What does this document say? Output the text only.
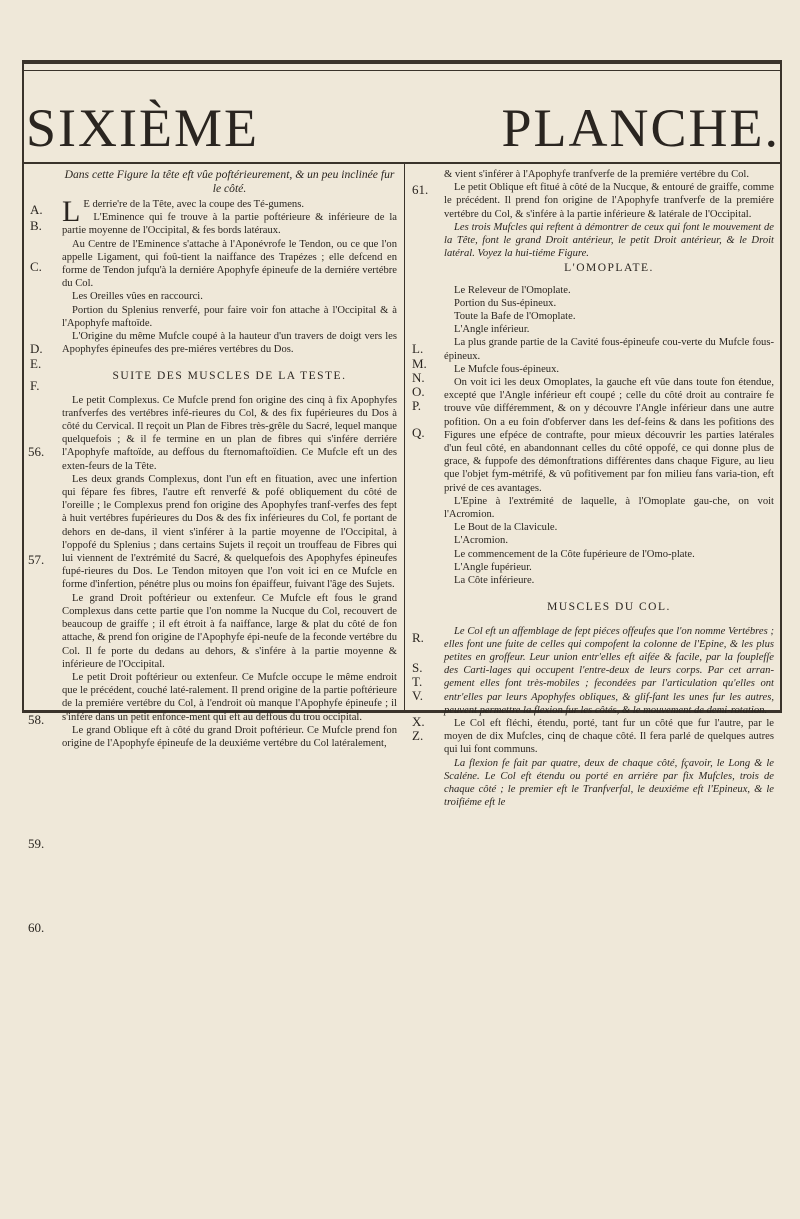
SIXIÈME PLANCHE.
A.
B.
C.
D.
E.
F.
56.
57.
58.
59.
60.

Dans cette Figure la tête eft vûe poftérieurement, & un peu inclinée fur le côté.

L E derrie're de la Tête, avec la coupe des Té-gumens.

L'Eminence qui fe trouve à la partie poftérieure & inférieure de la partie moyenne de l'Occipital, & fes bords latéraux.

Au Centre de l'Eminence s'attache à l'Aponévrofe le Tendon, ou ce que l'on appelle Ligament, qui foû-tient la naiffance des Trapézes ; elle defcend en forme de Tendon jufqu'à la derniére Apophyfe épineufe de la derniére vertébre du Col.

Les Oreilles vûes en raccourci.

Portion du Splenius renverfé, pour faire voir fon attache à l'Occipital & à l'Apophyfe maftoïde.

L'Origine du même Mufcle coupé à la hauteur d'un travers de doigt vers les Apophyfes épineufes des pre-miéres vertébres du Dos.

SUITE DES MUSCLES DE LA TESTE.

Le petit Complexus. Ce Mufcle prend fon origine des cinq à fix Apophyfes tranfverfes des vertébres infé-rieures du Col, & des fix fupérieures du Dos à côté du Cervical. Il reçoit un Plan de Fibres très-grêle du Sacré, lequel manque quelquefois ; & il fe termine en un plan de fibres qui s'infére derriére l'Apophyfe maftoïde, au deffous du fternomaftoïdien. Ce Mufcle eft un des exten-feurs de la Tête.

Les deux grands Complexus, dont l'un eft en fituation, avec une infertion qui fépare fes fibres, l'autre eft renverfé & pofé obliquement du côté de l'oreille ; le Complexus prend fon origine des Apophyfes tranf-verfes des fept à huit vertébres fupérieures du Dos & des fix inférieures du Col, fe portant de dehors en de-dans, il vient s'inférer à la partie moyenne de l'Occipital, à l'oppofé du Splenius ; dans certains Sujets il reçoit un trouffeau de Fibres qui lui viennent de l'extrémité du Sacré, & quelquefois des Apophyfes épineufes fupé-rieures du Dos. Le Tendon mitoyen que l'on voit ici en ce Mufcle en forme d'infertion, pénétre plus ou moins fon épaiffeur, fuivant l'âge des Sujets.

Le grand Droit poftérieur ou extenfeur. Ce Mufcle eft fous le grand Complexus dans cette partie que l'on nomme la Nucque du Col, recouvert de beaucoup de graiffe ; il eft étroit à fa naiffance, large & plat du côté de fon attache, & prend fon origine de l'Apophyfe épi-neufe de la feconde vertébre du Col. Il fe porte du dedans au dehors, & s'infére à la partie moyenne & inférieure de l'Occipital.

Le petit Droit poftérieur ou extenfeur. Ce Mufcle occupe le même endroit que le précédent, couché laté-ralement. Il prend origine de la partie poftérieure de la premiére vertébre du Col, à l'endroit où manque l'Apophyfe épineufe ; il s'infére dans un petit enfonce-ment qui eft au deffous du trou occipital.

Le grand Oblique eft à côté du grand Droit poftérieur. Ce Mufcle prend fon origine de l'Apophyfe épineufe de la deuxiéme vertébre du Col latéralement,

61.
L.
M.
N.
O.
P.
Q.
R.
S.
T.
V.
X.
Z.

& vient s'inférer à l'Apophyfe tranfverfe de la premiére vertébre du Col.

Le petit Oblique eft fitué à côté de la Nucque, & entouré de graiffe, comme le précédent. Il prend fon origine de l'Apophyfe tranfverfe de la premiére vertébre du Col, & s'infére à la partie inférieure & latérale de l'Occipital.

Les trois Mufcles qui reftent à démontrer de ceux qui font le mouvement de la Tête, font le grand Droit antérieur, le petit Droit antérieur, & le Droit latéral. Voyez la hui-tiéme Figure.

L'OMOPLATE.

Le Releveur de l'Omoplate.

Portion du Sus-épineux.

Toute la Bafe de l'Omoplate.

L'Angle inférieur.

La plus grande partie de la Cavité fous-épineufe cou-verte du Mufcle fous-épineux.

Le Mufcle fous-épineux.

On voit ici les deux Omoplates, la gauche eft vûe dans toute fon étendue, excepté que l'Angle inférieur eft coupé ; celle du côté droit au contraire fe trouve vûe différemment, & on y découvre l'Angle inférieur dans une autre pofition. On a eu foin d'obferver dans les def-feins & dans les pofitions des Figures une efpéce de contrafte, pour mieux découvrir les parties latérales d'un feul côté, en abandonnant celles du côté oppofé, ce qui donne plus de grace, & fuppofe des démonftrations différentes dans chaque Figure, au lieu que l'objet fym-métrifé, & vû pofitivement par fon milieu fans varia-tion, eft privé de ces avantages.

L'Epine à l'extrémité de laquelle, à l'Omoplate gau-che, on voit l'Acromion.

Le Bout de la Clavicule.

L'Acromion.

Le commencement de la Côte fupérieure de l'Omo-plate.

L'Angle fupérieur.

La Côte inférieure.

MUSCLES DU COL.

Le Col eft un affemblage de fept piéces offeufes que l'on nomme Vertébres ; elles font une fuite de celles qui compofent la colonne de l'Epine, & les plus petites en groffeur. Leur union entr'elles eft aifée & facile, par la fouplefſe des Carti-lages qui occupent l'entre-deux de leurs corps. Par cet arran-gement elles font très-mobiles ; fecondées par l'articulation qu'elles ont entr'elles par leurs Apophyfes obliques, & glif-fant les unes fur les autres, peuvent permettre la flexion fur les côtés, & le mouvement de demi-rotation.

Le Col eft fléchi, étendu, porté, tant fur un côté que fur l'autre, par le moyen de dix Mufcles, cinq de chaque côté. Il fera parlé de quelques autres qui lui font communs.

La flexion fe fait par quatre, deux de chaque côté, fçavoir, le Long & le Scaléne. Le Col eft étendu ou porté en arriére par fix Mufcles, trois de chaque côté ; le premier eft le Tranfverfal, le deuxiéme eft l'Epineux, & le troifiéme eft le
